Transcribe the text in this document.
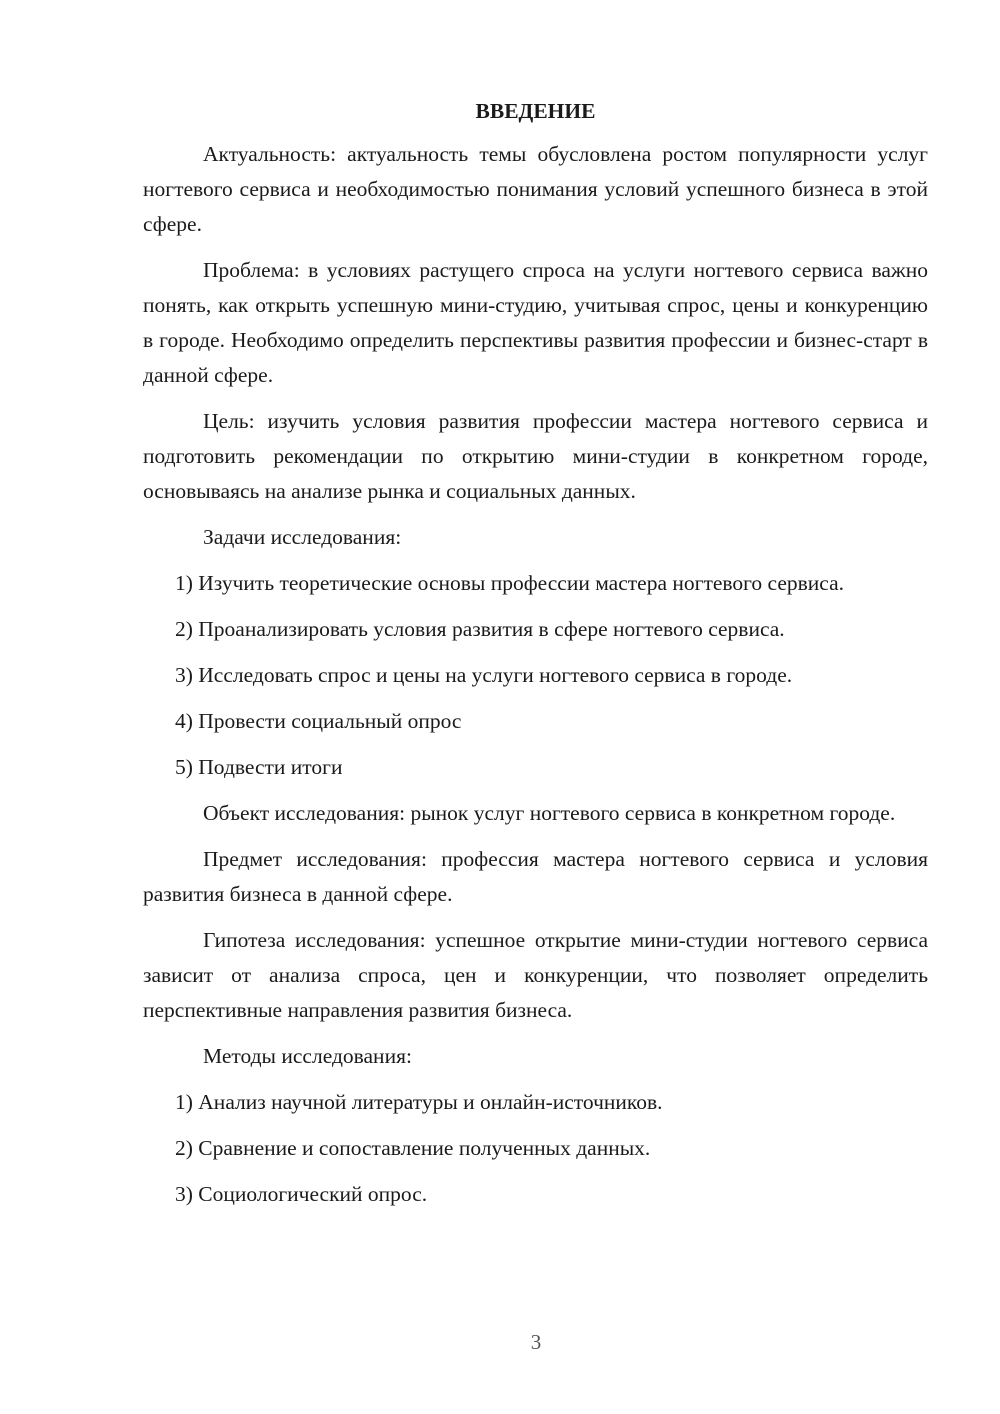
ВВЕДЕНИЕ

Актуальность: актуальность темы обусловлена ростом популярности услуг ногтевого сервиса и необходимостью понимания условий успешного бизнеса в этой сфере.

Проблема: в условиях растущего спроса на услуги ногтевого сервиса важно понять, как открыть успешную мини-студию, учитывая спрос, цены и конкуренцию в городе. Необходимо определить перспективы развития профессии и бизнес-старт в данной сфере.

Цель: изучить условия развития профессии мастера ногтевого сервиса и подготовить рекомендации по открытию мини-студии в конкретном городе, основываясь на анализе рынка и социальных данных.

Задачи исследования:

1) Изучить теоретические основы профессии мастера ногтевого сервиса.

2) Проанализировать условия развития в сфере ногтевого сервиса.

3) Исследовать спрос и цены на услуги ногтевого сервиса в городе.

4) Провести социальный опрос

5) Подвести итоги

Объект исследования: рынок услуг ногтевого сервиса в конкретном городе.

Предмет исследования: профессия мастера ногтевого сервиса и условия развития бизнеса в данной сфере.

Гипотеза исследования: успешное открытие мини-студии ногтевого сервиса зависит от анализа спроса, цен и конкуренции, что позволяет определить перспективные направления развития бизнеса.

Методы исследования:

1) Анализ научной литературы и онлайн-источников.

2) Сравнение и сопоставление полученных данных.

3) Социологический опрос.

3
